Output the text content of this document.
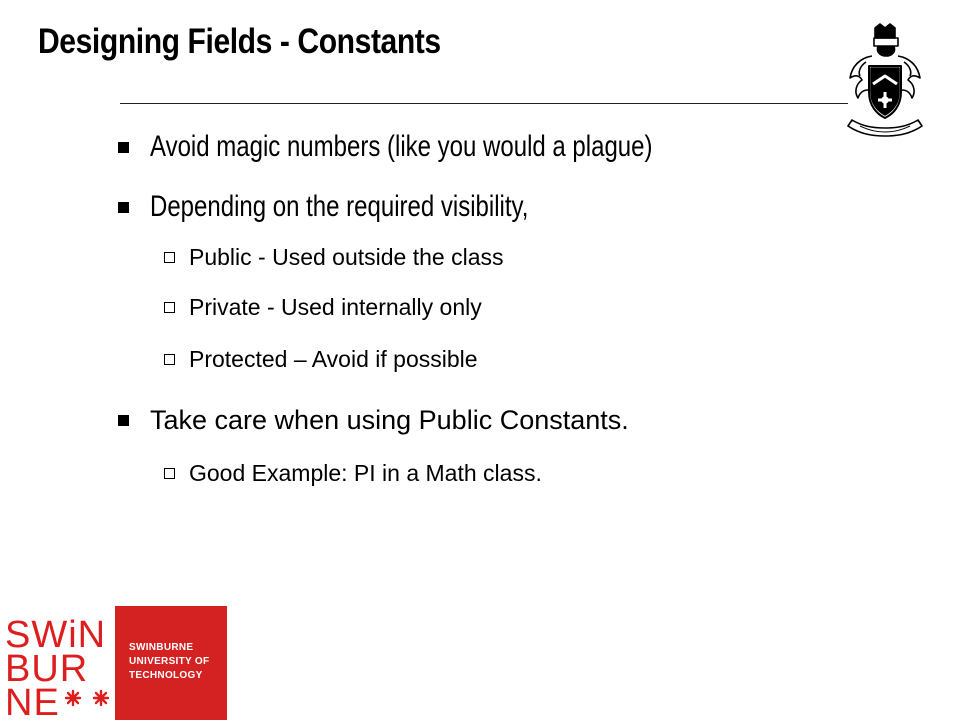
Designing Fields - Constants
Avoid magic numbers (like you would a plague)
Depending on the required visibility,
Public - Used outside the class
Private - Used internally only
Protected – Avoid if possible
Take care when using Public Constants.
Good Example: PI in a Math class.
SWiN
BUR
NE
SWINBURNE
UNIVERSITY OF
TECHNOLOGY
